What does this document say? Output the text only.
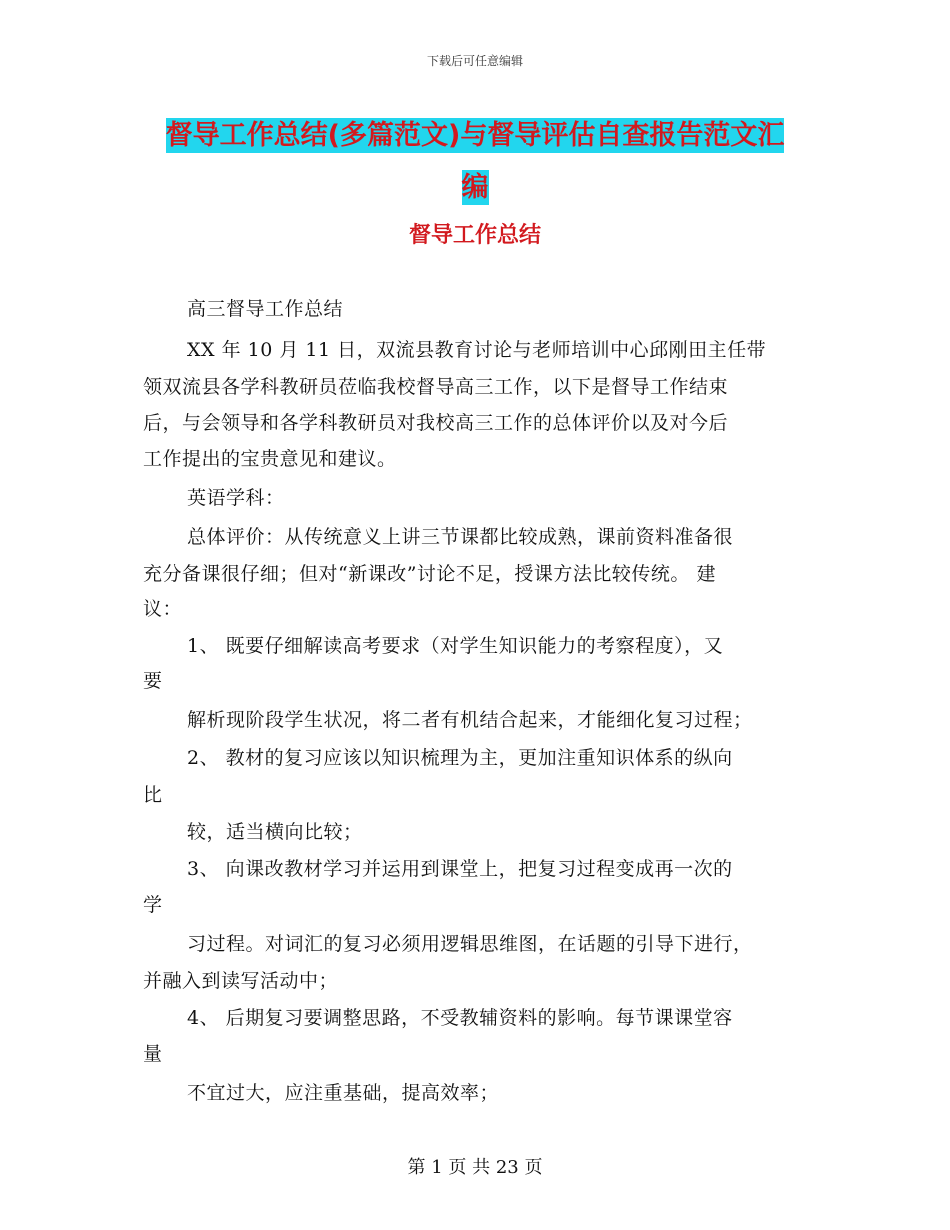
下载后可任意编辑
督导工作总结(多篇范文)与督导评估自查报告范文汇
编
督导工作总结
高三督导工作总结
XX 年 10 月 11 日，双流县教育讨论与老师培训中心邱刚田主任带
领双流县各学科教研员莅临我校督导高三工作，以下是督导工作结束
后，与会领导和各学科教研员对我校高三工作的总体评价以及对今后
工作提出的宝贵意见和建议。
英语学科：
总体评价：从传统意义上讲三节课都比较成熟，课前资料准备很
充分备课很仔细；但对“新课改”讨论不足，授课方法比较传统。 建
议：
1、 既要仔细解读高考要求（对学生知识能力的考察程度），又
要
解析现阶段学生状况，将二者有机结合起来，才能细化复习过程；
2、 教材的复习应该以知识梳理为主，更加注重知识体系的纵向
比
较，适当横向比较；
3、 向课改教材学习并运用到课堂上，把复习过程变成再一次的
学
习过程。对词汇的复习必须用逻辑思维图，在话题的引导下进行，
并融入到读写活动中；
4、 后期复习要调整思路，不受教辅资料的影响。每节课课堂容
量
不宜过大，应注重基础，提高效率；
第 1 页 共 23 页
